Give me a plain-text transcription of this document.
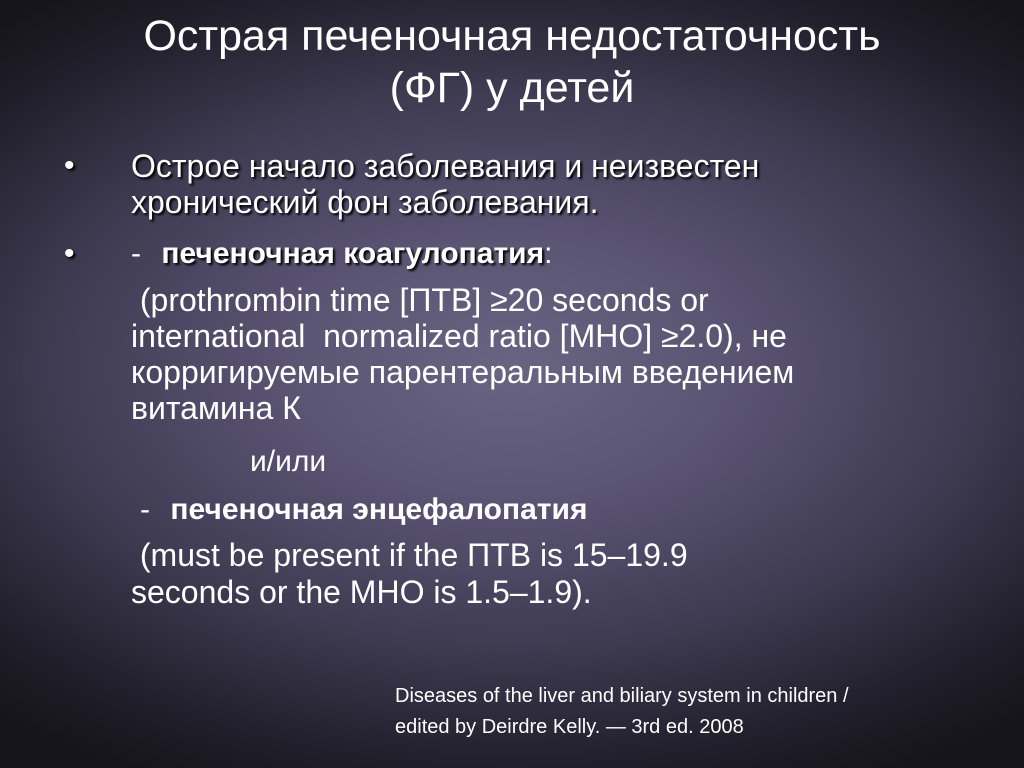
Острая печеночная недостаточность
(ФГ) у детей
• Острое начало заболевания и неизвестен
хронический фон заболевания.
• - печеночная коагулопатия:
(prothrombin time [ПТВ] ≥20 seconds or
international  normalized ratio [МНО] ≥2.0), не
корригируемые парентеральным введением
витамина К
и/или
- печеночная энцефалопатия
(must be present if the ПТВ is 15–19.9
seconds or the МНО is 1.5–1.9).
Diseases of the liver and biliary system in children /
edited by Deirdre Kelly. — 3rd ed. 2008
